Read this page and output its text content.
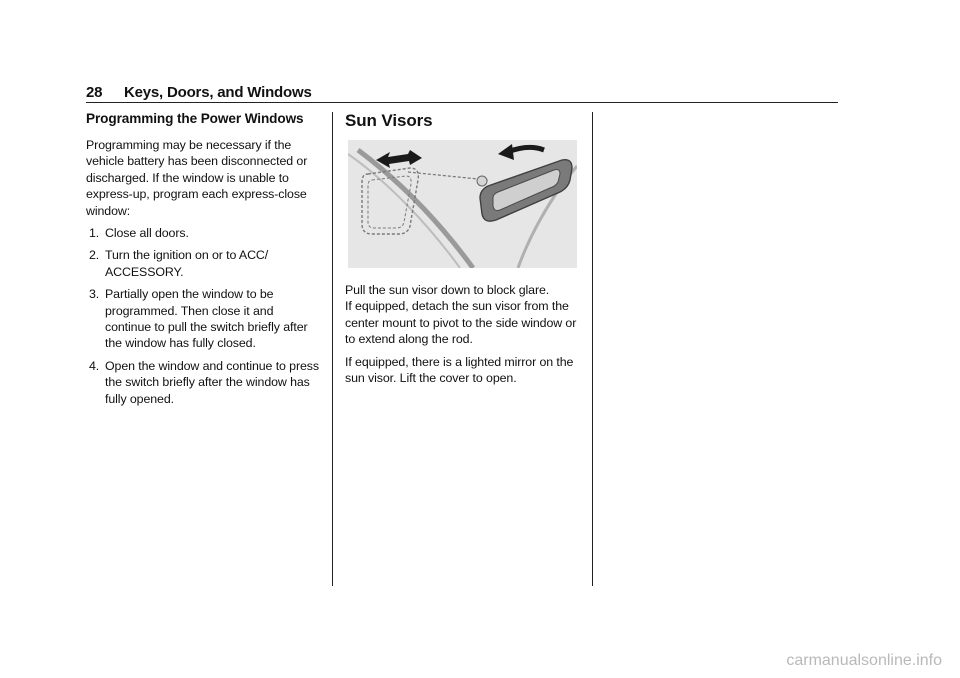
28 Keys, Doors, and Windows
Programming the Power Windows

Programming may be necessary if the vehicle battery has been disconnected or discharged. If the window is unable to express-up, program each express-close window:

1. Close all doors.
2. Turn the ignition on or to ACC/ ACCESSORY.
3. Partially open the window to be programmed. Then close it and continue to pull the switch briefly after the window has fully closed.
4. Open the window and continue to press the switch briefly after the window has fully opened.
Sun Visors

Pull the sun visor down to block glare.

If equipped, detach the sun visor from the center mount to pivot to the side window or to extend along the rod.

If equipped, there is a lighted mirror on the sun visor. Lift the cover to open.

carmanualsonline.info
